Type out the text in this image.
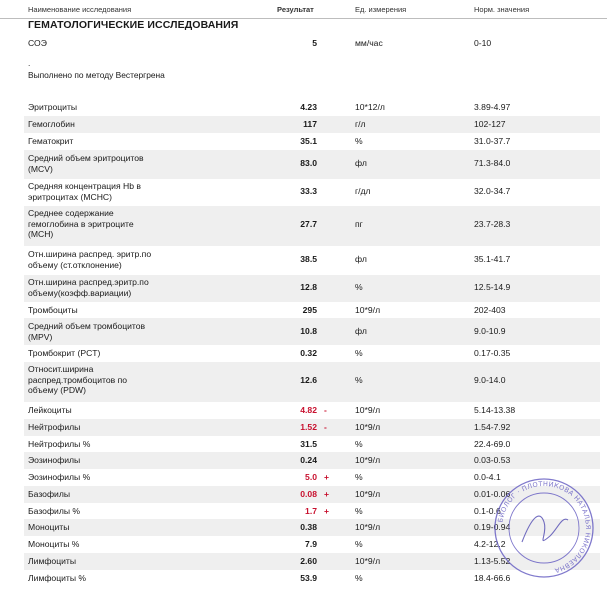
Наименование исследования	Результат	Ед. измерения	Норм. значения
ГЕМАТОЛОГИЧЕСКИЕ ИССЛЕДОВАНИЯ
СОЭ	5	мм/час	0-10
Эритроциты	4.23	10*12/л	3.89-4.97
Гемоглобин	117	г/л	102-127
Гематокрит	35.1	%	31.0-37.7
Средний объем эритроцитов
(MCV)
83.0	фл	71.3-84.0
Средняя концентрация Hb в
эритроцитах (MCHC)
33.3	г/дл	32.0-34.7
Среднее содержание
гемоглобина в эритроците
(MCH)
27.7	пг	23.7-28.3
Отн.ширина распред. эритр.по
объему (ст.отклонение)
38.5	фл	35.1-41.7
Отн.ширина распред.эритр.по
объему(коэфф.вариации)
12.8	%	12.5-14.9
Тромбоциты	295	10*9/л	202-403
Средний объем тромбоцитов
(MPV)
10.8	фл	9.0-10.9
Тромбокрит (PCT)	0.32	%	0.17-0.35
Относит.ширина
распред.тромбоцитов по
объему (PDW)
12.6	%	9.0-14.0
Лейкоциты	4.82 -	10*9/л	5.14-13.38
Нейтрофилы	1.52 -	10*9/л	1.54-7.92
Нейтрофилы %	31.5	%	22.4-69.0
Эозинофилы	0.24	10*9/л	0.03-0.53
Эозинофилы %	5.0 +	%	0.0-4.1
Базофилы	0.08 +	10*9/л	0.01-0.06
Базофилы %	1.7 +	%	0.1-0.6
Моноциты	0.38	10*9/л	0.19-0.94
Моноциты %	7.9	%	4.2-12.2
Лимфоциты	2.60	10*9/л	1.13-5.52
Лимфоциты %	53.9	%	18.4-66.6
.
Выполнено по методу Вестергрена
БИОЛОГ · ПЛОТНИКОВА НАТАЛЬЯ НИКОЛАЕВНА
